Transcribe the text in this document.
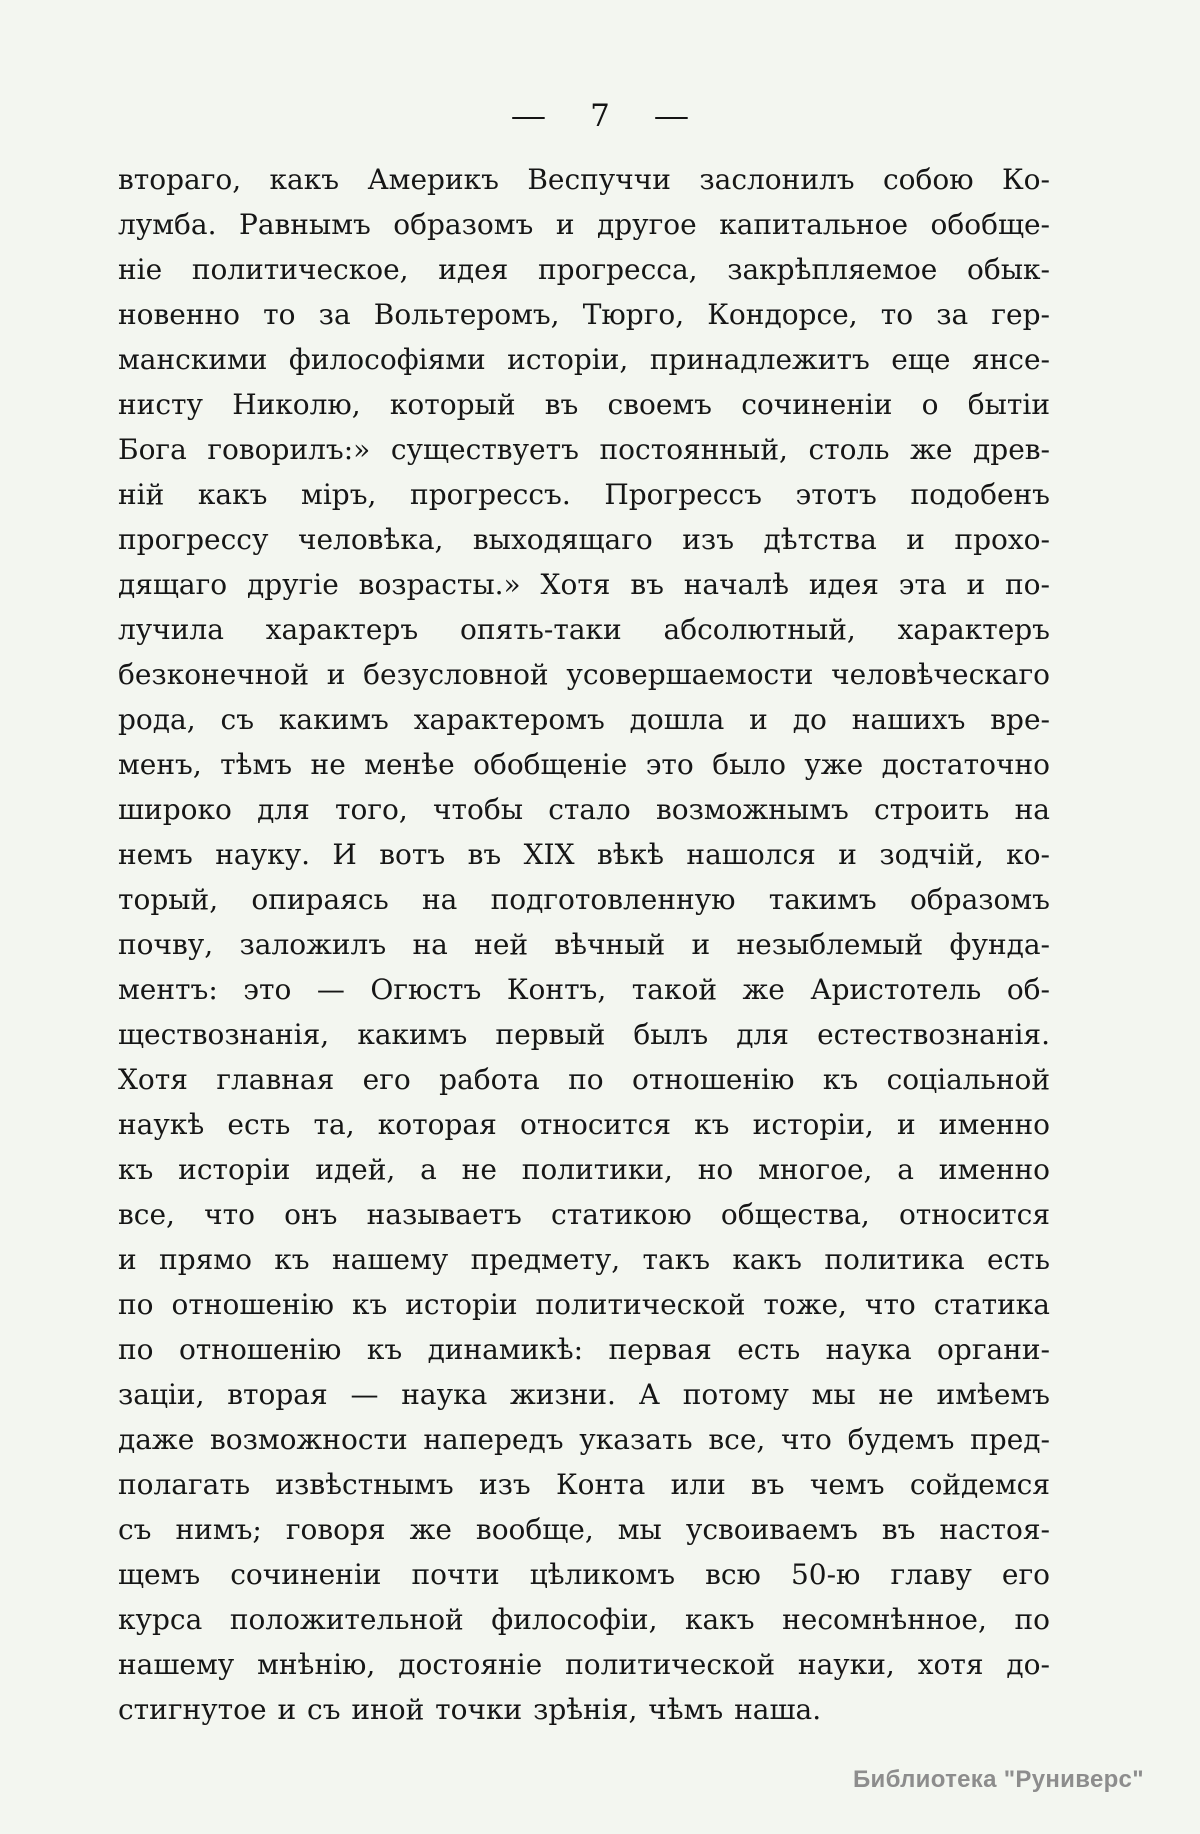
— 7 —
втораго, какъ Америкъ Веспуччи заслонилъ собою Ко-
лумба. Равнымъ образомъ и другое капитальное обобще-
ніе политическое, идея прогресса, закрѣпляемое обык-
новенно то за Вольтеромъ, Тюрго, Кондорсе, то за гер-
манскими философіями исторіи, принадлежитъ еще янсе-
нисту Николю, который въ своемъ сочиненіи о бытіи
Бога говорилъ:» существуетъ постоянный, столь же древ-
ній какъ міръ, прогрессъ. Прогрессъ этотъ подобенъ
прогрессу человѣка, выходящаго изъ дѣтства и прохо-
дящаго другіе возрасты.» Хотя въ началѣ идея эта и по-
лучила характеръ опять-таки абсолютный, характеръ
безконечной и безусловной усовершаемости человѣческаго
рода, съ какимъ характеромъ дошла и до нашихъ вре-
менъ, тѣмъ не менѣе обобщеніе это было уже достаточно
широко для того, чтобы стало возможнымъ строить на
немъ науку. И вотъ въ XIX вѣкѣ нашолся и зодчій, ко-
торый, опираясь на подготовленную такимъ образомъ
почву, заложилъ на ней вѣчный и незыблемый фунда-
ментъ: это — Огюстъ Контъ, такой же Аристотель об-
ществознанія, какимъ первый былъ для естествознанія.
Хотя главная его работа по отношенію къ соціальной
наукѣ есть та, которая относится къ исторіи, и именно
къ исторіи идей, а не политики, но многое, а именно
все, что онъ называетъ статикою общества, относится
и прямо къ нашему предмету, такъ какъ политика есть
по отношенію къ исторіи политической тоже, что статика
по отношенію къ динамикѣ: первая есть наука органи-
заціи, вторая — наука жизни. А потому мы не имѣемъ
даже возможности напередъ указать все, что будемъ пред-
полагать извѣстнымъ изъ Конта или въ чемъ сойдемся
съ нимъ; говоря же вообще, мы усвоиваемъ въ настоя-
щемъ сочиненіи почти цѣликомъ всю 50-ю главу его
курса положительной философіи, какъ несомнѣнное, по
нашему мнѣнію, достояніе политической науки, хотя до-
стигнутое и съ иной точки зрѣнія, чѣмъ наша.
Библиотека "Руниверс"
